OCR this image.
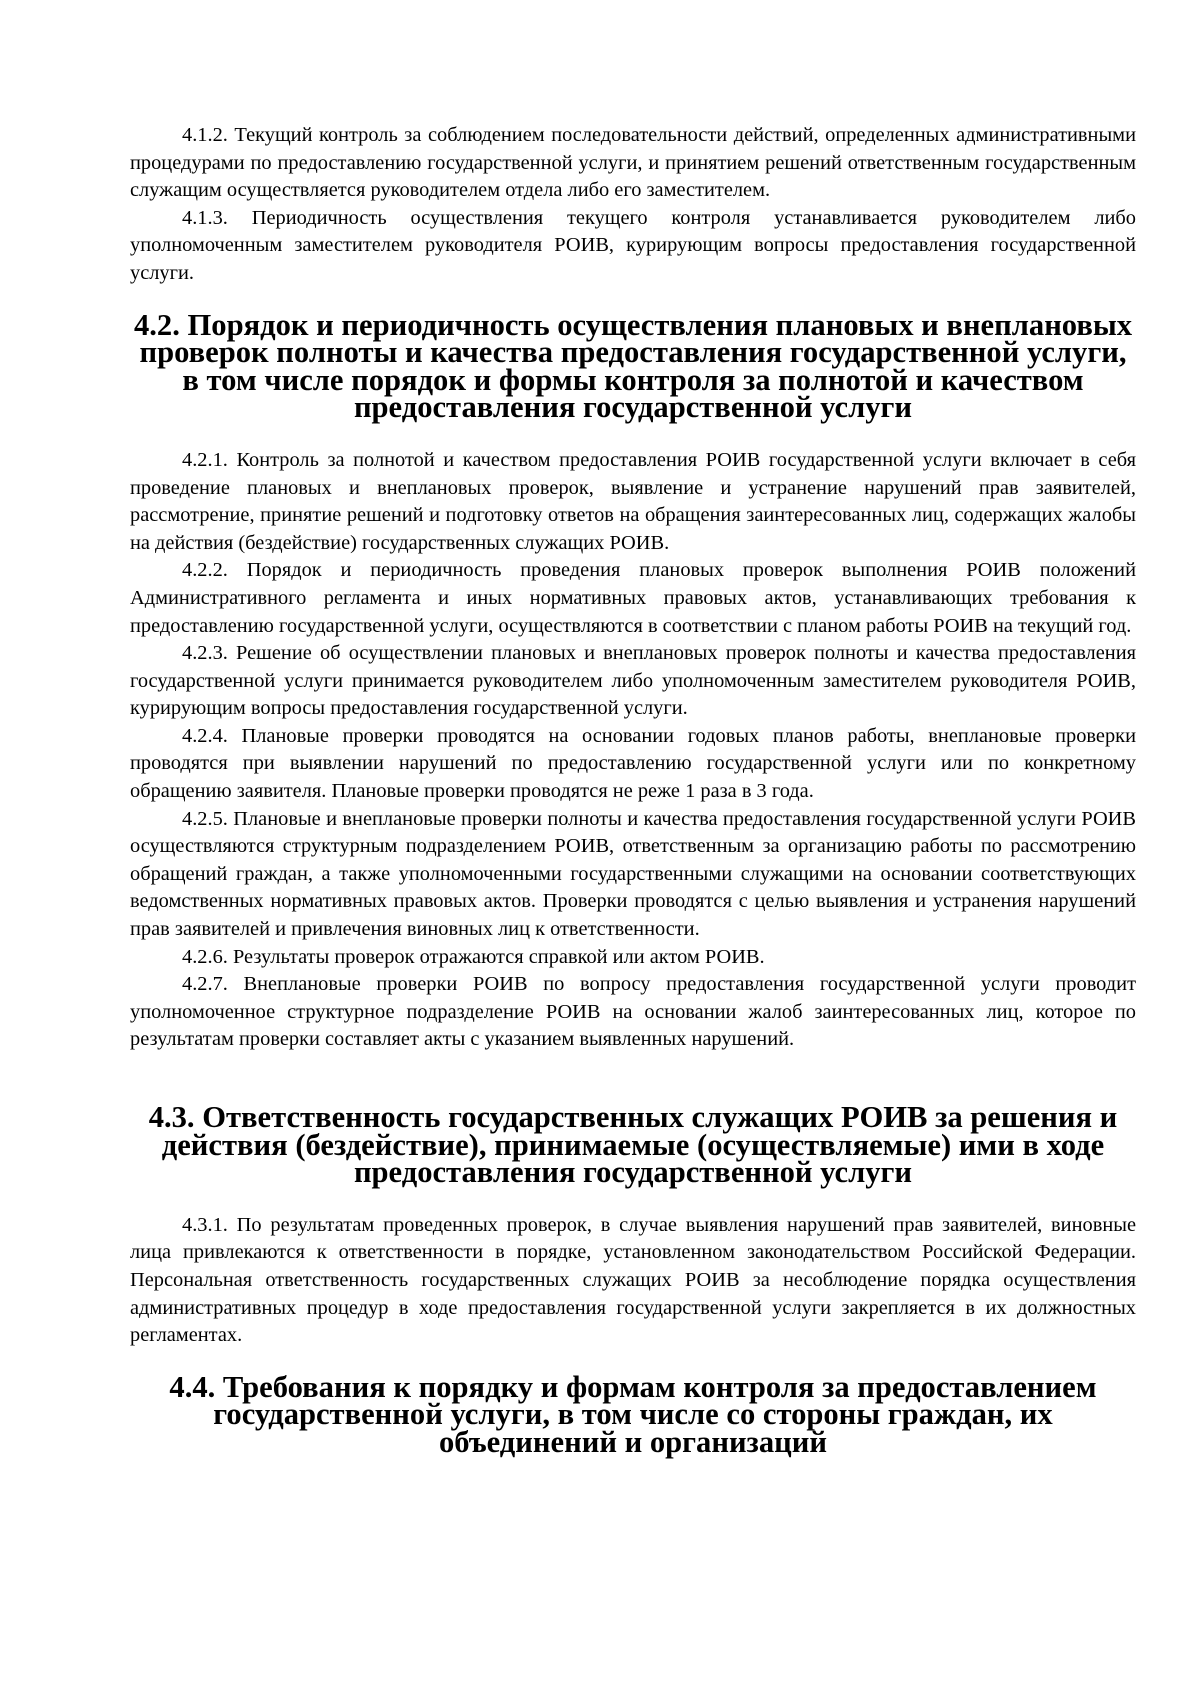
4.1.2. Текущий контроль за соблюдением последовательности действий, определенных административными процедурами по предоставлению государственной услуги, и принятием решений ответственным государственным служащим осуществляется руководителем отдела либо его заместителем.

4.1.3. Периодичность осуществления текущего контроля устанавливается руководителем либо уполномоченным заместителем руководителя РОИВ, курирующим вопросы предоставления государственной услуги.

4.2. Порядок и периодичность осуществления плановых и внеплановых проверок полноты и качества предоставления государственной услуги, в том числе порядок и формы контроля за полнотой и качеством предоставления государственной услуги

4.2.1. Контроль за полнотой и качеством предоставления РОИВ государственной услуги включает в себя проведение плановых и внеплановых проверок, выявление и устранение нарушений прав заявителей, рассмотрение, принятие решений и подготовку ответов на обращения заинтересованных лиц, содержащих жалобы на действия (бездействие) государственных служащих РОИВ.

4.2.2. Порядок и периодичность проведения плановых проверок выполнения РОИВ положений Административного регламента и иных нормативных правовых актов, устанавливающих требования к предоставлению государственной услуги, осуществляются в соответствии с планом работы РОИВ на текущий год.

4.2.3. Решение об осуществлении плановых и внеплановых проверок полноты и качества предоставления государственной услуги принимается руководителем либо уполномоченным заместителем руководителя РОИВ, курирующим вопросы предоставления государственной услуги.

4.2.4. Плановые проверки проводятся на основании годовых планов работы, внеплановые проверки проводятся при выявлении нарушений по предоставлению государственной услуги или по конкретному обращению заявителя. Плановые проверки проводятся не реже 1 раза в 3 года.

4.2.5. Плановые и внеплановые проверки полноты и качества предоставления государственной услуги РОИВ осуществляются структурным подразделением РОИВ, ответственным за организацию работы по рассмотрению обращений граждан, а также уполномоченными государственными служащими на основании соответствующих ведомственных нормативных правовых актов. Проверки проводятся с целью выявления и устранения нарушений прав заявителей и привлечения виновных лиц к ответственности.

4.2.6. Результаты проверок отражаются справкой или актом РОИВ.

4.2.7. Внеплановые проверки РОИВ по вопросу предоставления государственной услуги проводит уполномоченное структурное подразделение РОИВ на основании жалоб заинтересованных лиц, которое по результатам проверки составляет акты с указанием выявленных нарушений.

4.3. Ответственность государственных служащих РОИВ за решения и действия (бездействие), принимаемые (осуществляемые) ими в ходе предоставления государственной услуги

4.3.1. По результатам проведенных проверок, в случае выявления нарушений прав заявителей, виновные лица привлекаются к ответственности в порядке, установленном законодательством Российской Федерации. Персональная ответственность государственных служащих РОИВ за несоблюдение порядка осуществления административных процедур в ходе предоставления государственной услуги закрепляется в их должностных регламентах.

4.4. Требования к порядку и формам контроля за предоставлением государственной услуги, в том числе со стороны граждан, их объединений и организаций
